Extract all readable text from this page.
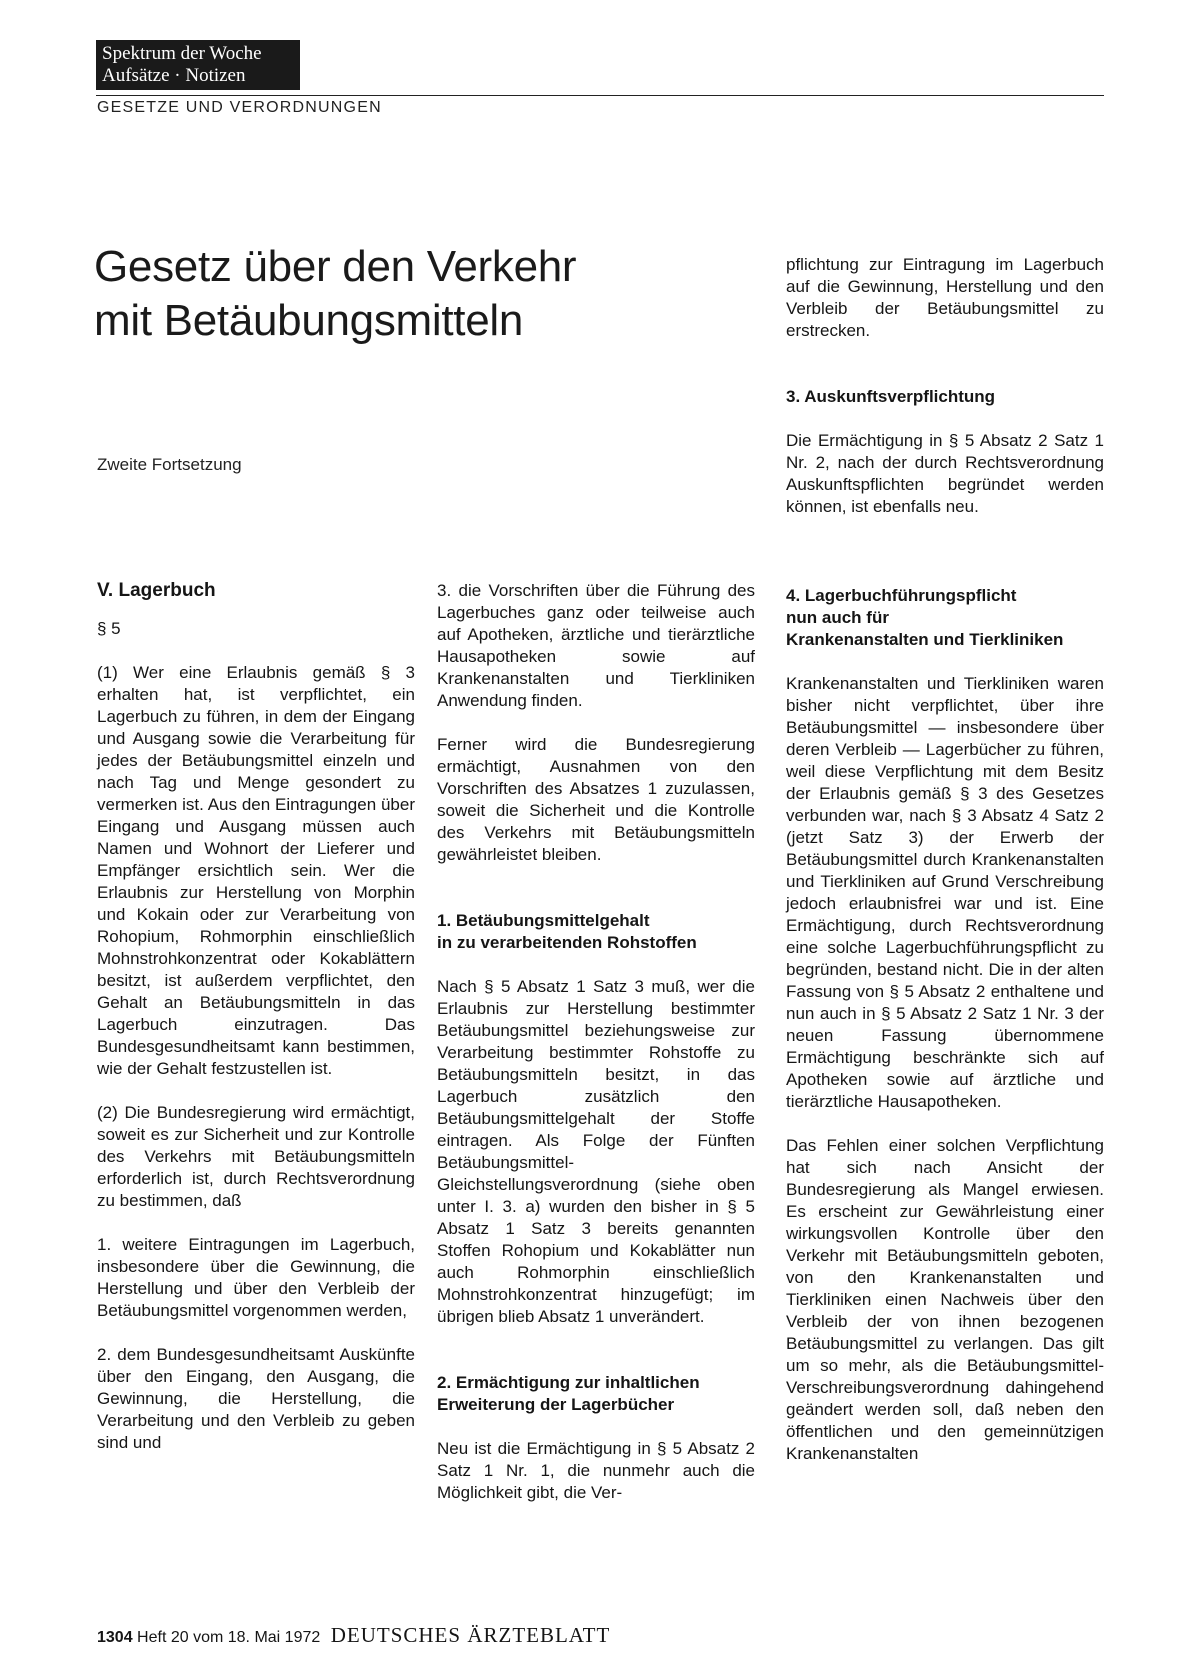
Spektrum der Woche
Aufsätze · Notizen
GESETZE UND VERORDNUNGEN
Gesetz über den Verkehr
mit Betäubungsmitteln
Zweite Fortsetzung

pflichtung zur Eintragung im Lagerbuch auf die Gewinnung, Herstellung und den Verbleib der Betäubungsmittel zu erstrecken.

3. Auskunftsverpflichtung

Die Ermächtigung in § 5 Absatz 2 Satz 1 Nr. 2, nach der durch Rechtsverordnung Auskunftspflichten begründet werden können, ist ebenfalls neu.

V. Lagerbuch

§ 5

(1) Wer eine Erlaubnis gemäß § 3 erhalten hat, ist verpflichtet, ein Lagerbuch zu führen, in dem der Eingang und Ausgang sowie die Verarbeitung für jedes der Betäubungsmittel einzeln und nach Tag und Menge gesondert zu vermerken ist. Aus den Eintragungen über Eingang und Ausgang müssen auch Namen und Wohnort der Lieferer und Empfänger ersichtlich sein. Wer die Erlaubnis zur Herstellung von Morphin und Kokain oder zur Verarbeitung von Rohopium, Rohmorphin einschließlich Mohnstrohkonzentrat oder Kokablättern besitzt, ist außerdem verpflichtet, den Gehalt an Betäubungsmitteln in das Lagerbuch einzutragen. Das Bundesgesundheitsamt kann bestimmen, wie der Gehalt festzustellen ist.

(2) Die Bundesregierung wird ermächtigt, soweit es zur Sicherheit und zur Kontrolle des Verkehrs mit Betäubungsmitteln erforderlich ist, durch Rechtsverordnung zu bestimmen, daß

1. weitere Eintragungen im Lagerbuch, insbesondere über die Gewinnung, die Herstellung und über den Verbleib der Betäubungsmittel vorgenommen werden,

2. dem Bundesgesundheitsamt Auskünfte über den Eingang, den Ausgang, die Gewinnung, die Herstellung, die Verarbeitung und den Verbleib zu geben sind und

3. die Vorschriften über die Führung des Lagerbuches ganz oder teilweise auch auf Apotheken, ärztliche und tierärztliche Hausapotheken sowie auf Krankenanstalten und Tierkliniken Anwendung finden.

Ferner wird die Bundesregierung ermächtigt, Ausnahmen von den Vorschriften des Absatzes 1 zuzulassen, soweit die Sicherheit und die Kontrolle des Verkehrs mit Betäubungsmitteln gewährleistet bleiben.

1. Betäubungsmittelgehalt
in zu verarbeitenden Rohstoffen

Nach § 5 Absatz 1 Satz 3 muß, wer die Erlaubnis zur Herstellung bestimmter Betäubungsmittel beziehungsweise zur Verarbeitung bestimmter Rohstoffe zu Betäubungsmitteln besitzt, in das Lagerbuch zusätzlich den Betäubungsmittelgehalt der Stoffe eintragen. Als Folge der Fünften Betäubungsmittel-Gleichstellungsverordnung (siehe oben unter I. 3. a) wurden den bisher in § 5 Absatz 1 Satz 3 bereits genannten Stoffen Rohopium und Kokablätter nun auch Rohmorphin einschließlich Mohnstrohkonzentrat hinzugefügt; im übrigen blieb Absatz 1 unverändert.

2. Ermächtigung zur inhaltlichen
Erweiterung der Lagerbücher

Neu ist die Ermächtigung in § 5 Absatz 2 Satz 1 Nr. 1, die nunmehr auch die Möglichkeit gibt, die Ver-

4. Lagerbuchführungspflicht
nun auch für
Krankenanstalten und Tierkliniken

Krankenanstalten und Tierkliniken waren bisher nicht verpflichtet, über ihre Betäubungsmittel — insbesondere über deren Verbleib — Lagerbücher zu führen, weil diese Verpflichtung mit dem Besitz der Erlaubnis gemäß § 3 des Gesetzes verbunden war, nach § 3 Absatz 4 Satz 2 (jetzt Satz 3) der Erwerb der Betäubungsmittel durch Krankenanstalten und Tierkliniken auf Grund Verschreibung jedoch erlaubnisfrei war und ist. Eine Ermächtigung, durch Rechtsverordnung eine solche Lagerbuchführungspflicht zu begründen, bestand nicht. Die in der alten Fassung von § 5 Absatz 2 enthaltene und nun auch in § 5 Absatz 2 Satz 1 Nr. 3 der neuen Fassung übernommene Ermächtigung beschränkte sich auf Apotheken sowie auf ärztliche und tierärztliche Hausapotheken.

Das Fehlen einer solchen Verpflichtung hat sich nach Ansicht der Bundesregierung als Mangel erwiesen. Es erscheint zur Gewährleistung einer wirkungsvollen Kontrolle über den Verkehr mit Betäubungsmitteln geboten, von den Krankenanstalten und Tierkliniken einen Nachweis über den Verbleib der von ihnen bezogenen Betäubungsmittel zu verlangen. Das gilt um so mehr, als die Betäubungsmittel-Verschreibungsverordnung dahingehend geändert werden soll, daß neben den öffentlichen und den gemeinnützigen Krankenanstalten

1304 Heft 20 vom 18. Mai 1972 DEUTSCHES ÄRZTEBLATT
